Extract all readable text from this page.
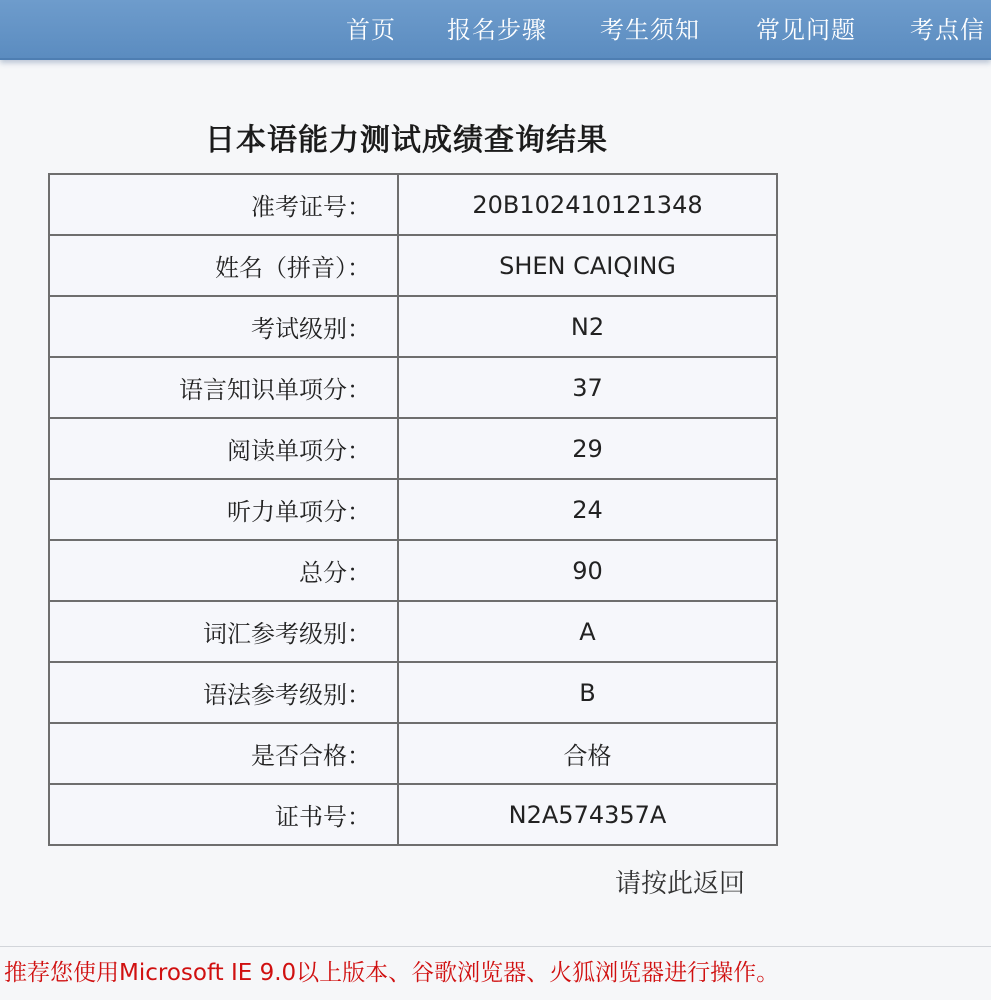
首页 报名步骤 考生须知 常见问题 考点信
日本语能力测试成绩查询结果
准考证号：	20B102410121348
姓名（拼音）：	SHEN CAIQING
考试级别：	N2
语言知识单项分：	37
阅读单项分：	29
听力单项分：	24
总分：	90
词汇参考级别：	A
语法参考级别：	B
是否合格：	合格
证书号：	N2A574357A
请按此返回
推荐您使用Microsoft IE 9.0以上版本、谷歌浏览器、火狐浏览器进行操作。
